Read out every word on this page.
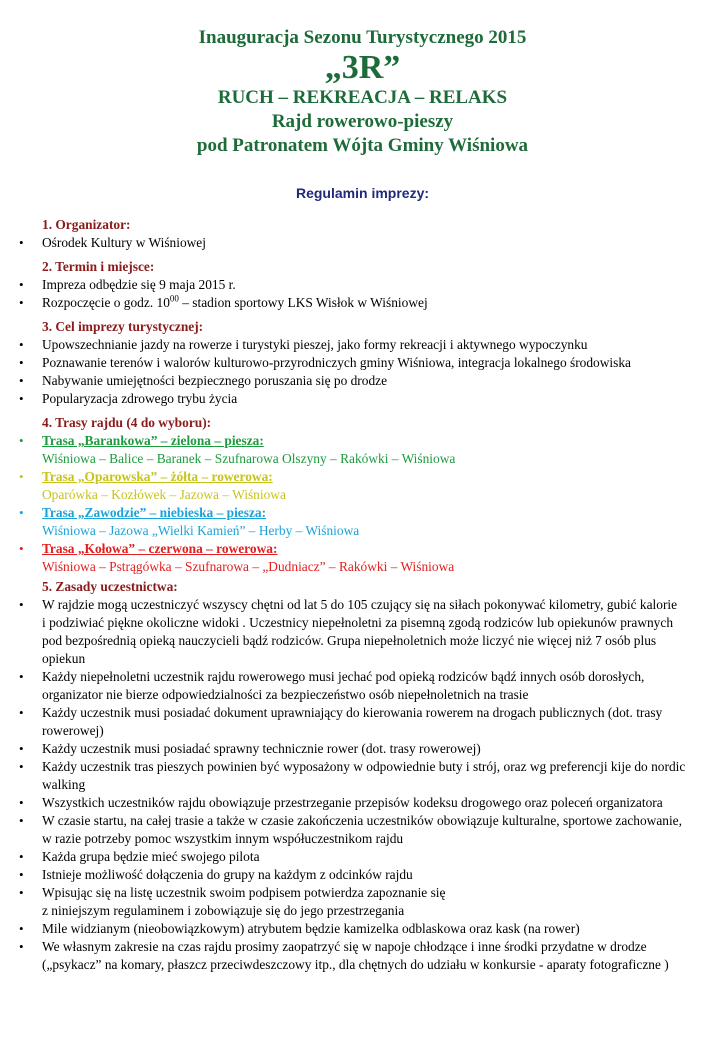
Inauguracja Sezonu Turystycznego 2015
„3R”
RUCH – REKREACJA – RELAKS
Rajd rowerowo-pieszy
pod Patronatem Wójta Gminy Wiśniowa
Regulamin imprezy:
1. Organizator:
• Ośrodek Kultury w Wiśniowej
2. Termin i miejsce:
• Impreza odbędzie się 9 maja 2015 r.
• Rozpoczęcie o godz. $10^{00}$ – stadion sportowy LKS Wisłok w Wiśniowej
3. Cel imprezy turystycznej:
• Upowszechnianie jazdy na rowerze i turystyki pieszej, jako formy rekreacji i aktywnego wypoczynku
• Poznawanie terenów i walorów kulturowo-przyrodniczych gminy Wiśniowa, integracja lokalnego środowiska
• Nabywanie umiejętności bezpiecznego poruszania się po drodze
• Popularyzacja zdrowego trybu życia
4. Trasy rajdu (4 do wyboru):
• Trasa „Barankowa” – zielona – piesza:
Wiśniowa – Balice – Baranek – Szufnarowa Olszyny – Rakówki – Wiśniowa
• Trasa „Oparowska” – żółta – rowerowa:
Oparówka – Kozłówek – Jazowa – Wiśniowa
• Trasa „Zawodzie” – niebieska – piesza:
Wiśniowa – Jazowa „Wielki Kamień” – Herby – Wiśniowa
• Trasa „Kołowa” – czerwona – rowerowa:
Wiśniowa – Pstrągówka – Szufnarowa – „Dudniacz” – Rakówki – Wiśniowa
5. Zasady uczestnictwa:
• W rajdzie mogą uczestniczyć wszyscy chętni od lat 5 do 105 czujący się na siłach pokonywać kilometry, gubić kalorie
i podziwiać piękne okoliczne widoki . Uczestnicy niepełnoletni za pisemną zgodą rodziców lub opiekunów prawnych
pod bezpośrednią opieką nauczycieli bądź rodziców. Grupa niepełnoletnich może liczyć nie więcej niż 7 osób plus
opiekun
• Każdy niepełnoletni uczestnik rajdu rowerowego musi jechać pod opieką rodziców bądź innych osób dorosłych,
organizator nie bierze odpowiedzialności za bezpieczeństwo osób niepełnoletnich na trasie
• Każdy uczestnik musi posiadać dokument uprawniający do kierowania rowerem na drogach publicznych (dot. trasy
rowerowej)
• Każdy uczestnik musi posiadać sprawny technicznie rower (dot. trasy rowerowej)
• Każdy uczestnik tras pieszych powinien być wyposażony w odpowiednie buty i strój, oraz wg preferencji kije do nordic
walking
• Wszystkich uczestników rajdu obowiązuje przestrzeganie przepisów kodeksu drogowego oraz poleceń organizatora
• W czasie startu, na całej trasie a także w czasie zakończenia uczestników obowiązuje kulturalne, sportowe zachowanie,
w razie potrzeby pomoc wszystkim innym współuczestnikom rajdu
• Każda grupa będzie mieć swojego pilota
• Istnieje możliwość dołączenia do grupy na każdym z odcinków rajdu
• Wpisując się na listę uczestnik swoim podpisem potwierdza zapoznanie się
z niniejszym regulaminem i zobowiązuje się do jego przestrzegania
• Mile widzianym (nieobowiązkowym) atrybutem będzie kamizelka odblaskowa oraz kask (na rower)
• We własnym zakresie na czas rajdu prosimy zaopatrzyć się w napoje chłodzące i inne środki przydatne w drodze
(„psykacz” na komary, płaszcz przeciwdeszczowy itp., dla chętnych do udziału w konkursie - aparaty fotograficzne )
